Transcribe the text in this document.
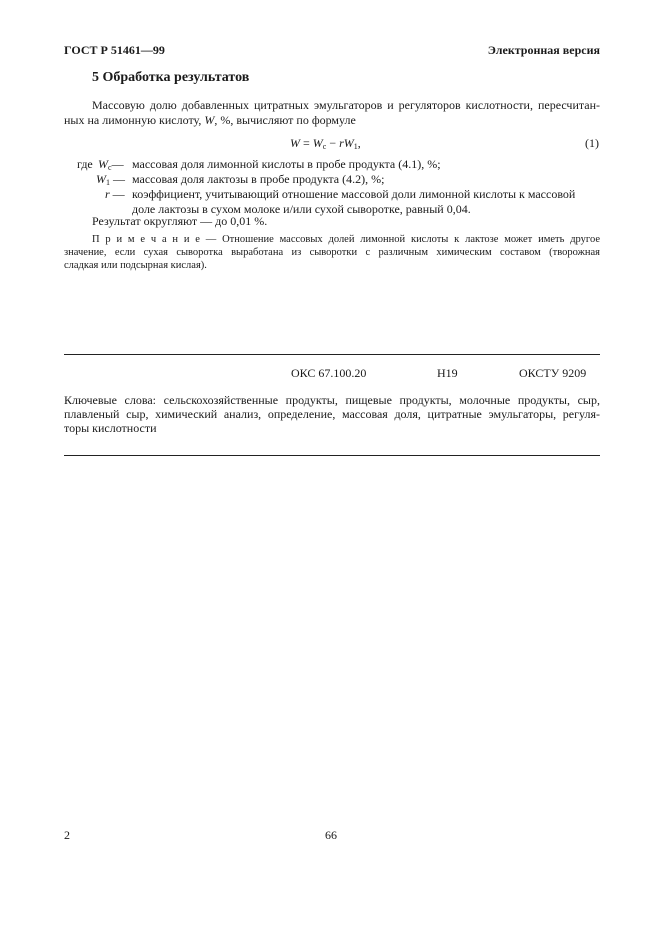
ГОСТ Р 51461—99	Электронная версия
5 Обработка результатов
Массовую долю добавленных цитратных эмульгаторов и регуляторов кислотности, пересчитан-
ных на лимонную кислоту, W, %, вычисляют по формуле
$W = W_c - rW_1$,	(1)
где $W_c—$ массовая доля лимонной кислоты в пробе продукта (4.1), %;
$W_1$ — массовая доля лактозы в пробе продукта (4.2), %;
r — коэффициент, учитывающий отношение массовой доли лимонной кислоты к массовой
доле лактозы в сухом молоке и/или сухой сыворотке, равный 0,04.
Результат округляют — до 0,01 %.
П р и м е ч а н и е — Отношение массовых долей лимонной кислоты к лактозе может иметь другое
значение, если сухая сыворотка выработана из сыворотки с различным химическим составом (творожная
сладкая или подсырная кислая).
ОКС 67.100.20	Н19	ОКСТУ 9209
Ключевые слова: сельскохозяйственные продукты, пищевые продукты, молочные продукты, сыр,
плавленый сыр, химический анализ, определение, массовая доля, цитратные эмульгаторы, регуля-
торы кислотности
2	66
